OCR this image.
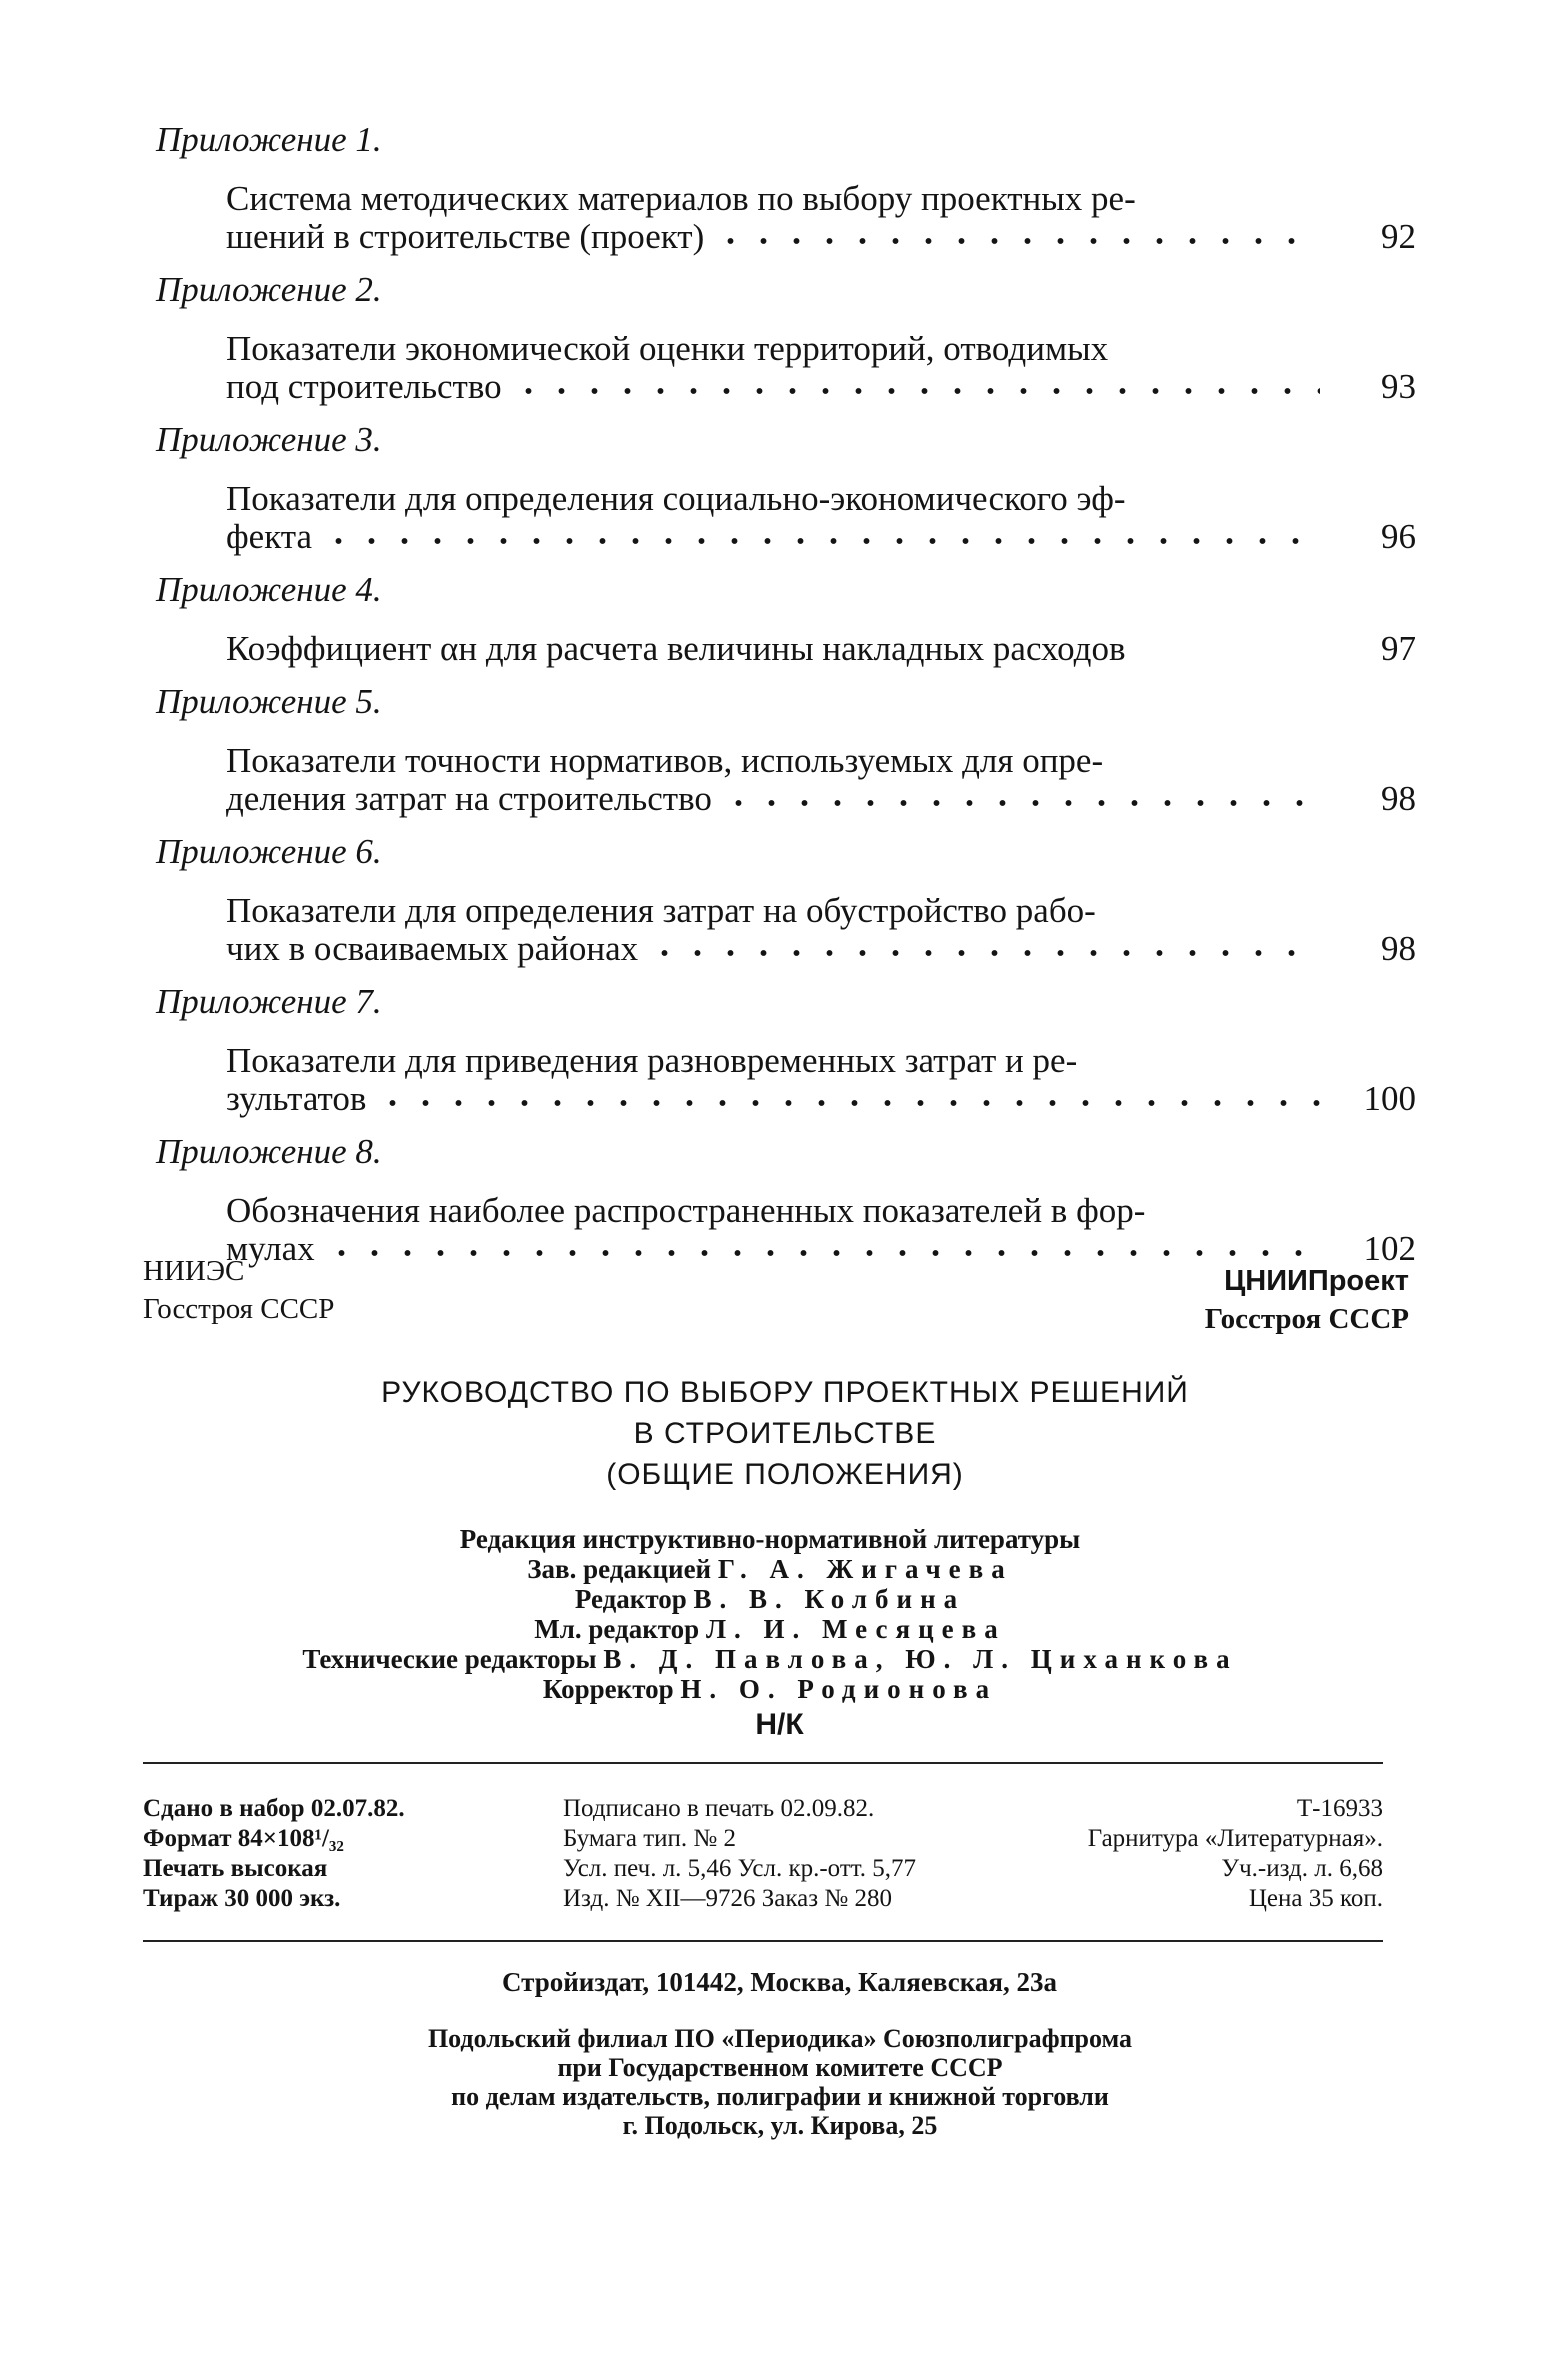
Приложение 1.
Система методических материалов по выбору проектных ре-
шений в строительстве (проект)	92
Приложение 2.
Показатели экономической оценки территорий, отводимых
под строительство	93
Приложение 3.
Показатели для определения социально-экономического эф-
фекта	96
Приложение 4.
Коэффициент αн для расчета величины накладных расходов	97
Приложение 5.
Показатели точности нормативов, используемых для опре-
деления затрат на строительство	98
Приложение 6.
Показатели для определения затрат на обустройство рабо-
чих в осваиваемых районах	98
Приложение 7.
Показатели для приведения разновременных затрат и ре-
зультатов	100
Приложение 8.
Обозначения наиболее распространенных показателей в фор-
мулах	102
НИИЭС
Госстроя СССР
ЦНИИПроект
Госстроя СССР
РУКОВОДСТВО ПО ВЫБОРУ ПРОЕКТНЫХ РЕШЕНИЙ
В СТРОИТЕЛЬСТВЕ
(ОБЩИЕ ПОЛОЖЕНИЯ)
Редакция инструктивно-нормативной литературы
Зав. редакцией Г. А. Жигачева
Редактор В. В. Колбина
Мл. редактор Л. И. Месяцева
Технические редакторы В. Д. Павлова, Ю. Л. Циханкова
Корректор Н. О. Родионова
Н/К
Сдано в набор 02.07.82.	Подписано в печать 02.09.82.	Т-16933
Формат 84×108¹/₃₂	Бумага тип. № 2	Гарнитура «Литературная».
Печать высокая	Усл. печ. л. 5,46 Усл. кр.-отт. 5,77	Уч.-изд. л. 6,68
Тираж 30 000 экз.	Изд. № XII—9726 Заказ № 280	Цена 35 коп.
Стройиздат, 101442, Москва, Каляевская, 23а
Подольский филиал ПО «Периодика» Союзполиграфпрома
при Государственном комитете СССР
по делам издательств, полиграфии и книжной торговли
г. Подольск, ул. Кирова, 25
